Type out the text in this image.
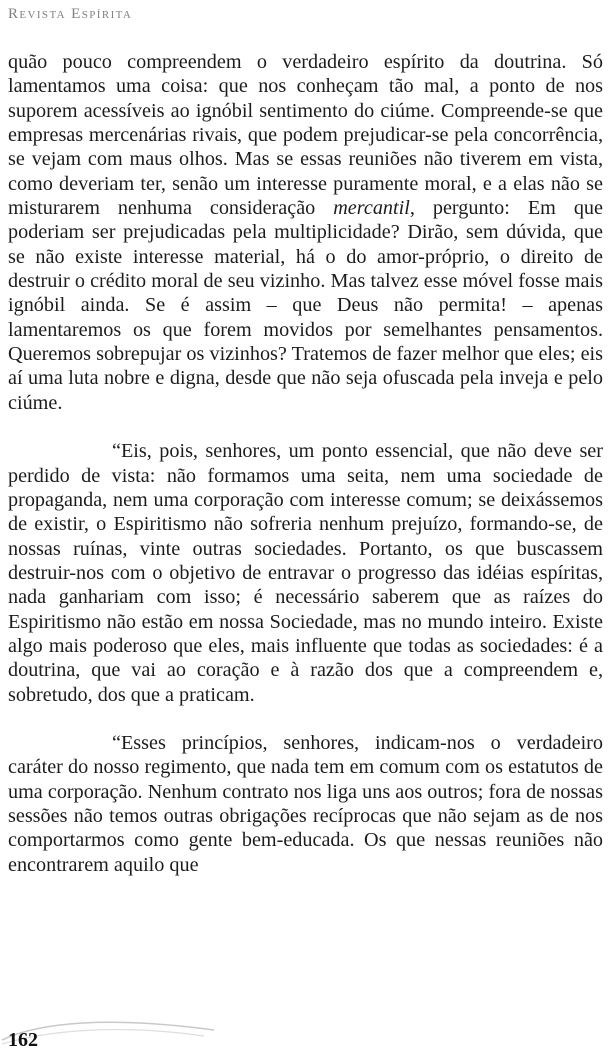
Revista Espírita

quão pouco compreendem o verdadeiro espírito da doutrina. Só lamentamos uma coisa: que nos conheçam tão mal, a ponto de nos suporem acessíveis ao ignóbil sentimento do ciúme. Compreende-se que empresas mercenárias rivais, que podem prejudicar-se pela concorrência, se vejam com maus olhos. Mas se essas reuniões não tiverem em vista, como deveriam ter, senão um interesse puramente moral, e a elas não se misturarem nenhuma consideração mercantil, pergunto: Em que poderiam ser prejudicadas pela multiplicidade? Dirão, sem dúvida, que se não existe interesse material, há o do amor-próprio, o direito de destruir o crédito moral de seu vizinho. Mas talvez esse móvel fosse mais ignóbil ainda. Se é assim – que Deus não permita! – apenas lamentaremos os que forem movidos por semelhantes pensamentos. Queremos sobrepujar os vizinhos? Tratemos de fazer melhor que eles; eis aí uma luta nobre e digna, desde que não seja ofuscada pela inveja e pelo ciúme.

“Eis, pois, senhores, um ponto essencial, que não deve ser perdido de vista: não formamos uma seita, nem uma sociedade de propaganda, nem uma corporação com interesse comum; se deixássemos de existir, o Espiritismo não sofreria nenhum prejuízo, formando-se, de nossas ruínas, vinte outras sociedades. Portanto, os que buscassem destruir-nos com o objetivo de entravar o progresso das idéias espíritas, nada ganhariam com isso; é necessário saberem que as raízes do Espiritismo não estão em nossa Sociedade, mas no mundo inteiro. Existe algo mais poderoso que eles, mais influente que todas as sociedades: é a doutrina, que vai ao coração e à razão dos que a compreendem e, sobretudo, dos que a praticam.

“Esses princípios, senhores, indicam-nos o verdadeiro caráter do nosso regimento, que nada tem em comum com os estatutos de uma corporação. Nenhum contrato nos liga uns aos outros; fora de nossas sessões não temos outras obrigações recíprocas que não sejam as de nos comportarmos como gente bem-educada. Os que nessas reuniões não encontrarem aquilo que

162
